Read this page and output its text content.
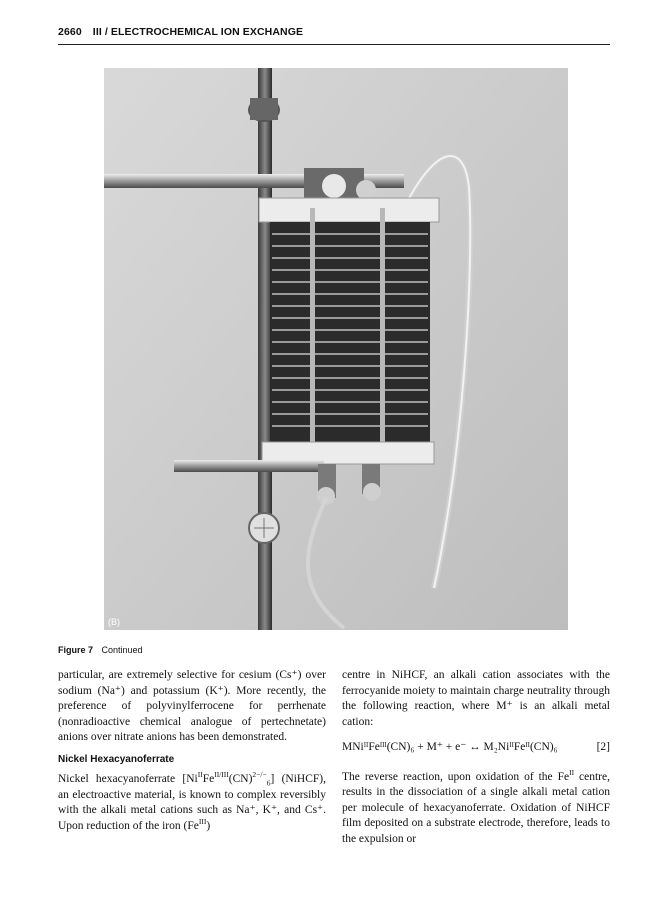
2660 III / ELECTROCHEMICAL ION EXCHANGE
(B)
Figure 7 Continued

particular, are extremely selective for cesium (Cs⁺) over sodium (Na⁺) and potassium (K⁺). More recently, the preference of polyvinylferrocene for perrhenate (nonradioactive chemical analogue of pertechnetate) anions over nitrate anions has been demonstrated.

Nickel Hexacyanoferrate

Nickel hexacyanoferrate $[Ni^{II}Fe^{II/III}(CN)^{2-/-}_6]$ (NiHCF), an electroactive material, is known to complex reversibly with the alkali metal cations such as Na⁺, K⁺, and Cs⁺. Upon reduction of the iron $(Fe^{III})$

centre in NiHCF, an alkali cation associates with the ferrocyanide moiety to maintain charge neutrality through the following reaction, where M⁺ is an alkali metal cation:

MNiᴵᴵFeᴵᴵᴵ(CN)₆ + M⁺ + e⁻ ↔ M₂NiᴵᴵFeᴵᴵ(CN)₆	[2]

The reverse reaction, upon oxidation of the $Fe^{II}$ centre, results in the dissociation of a single alkali metal cation per molecule of hexacyanoferrate. Oxidation of NiHCF film deposited on a substrate electrode, therefore, leads to the expulsion or
